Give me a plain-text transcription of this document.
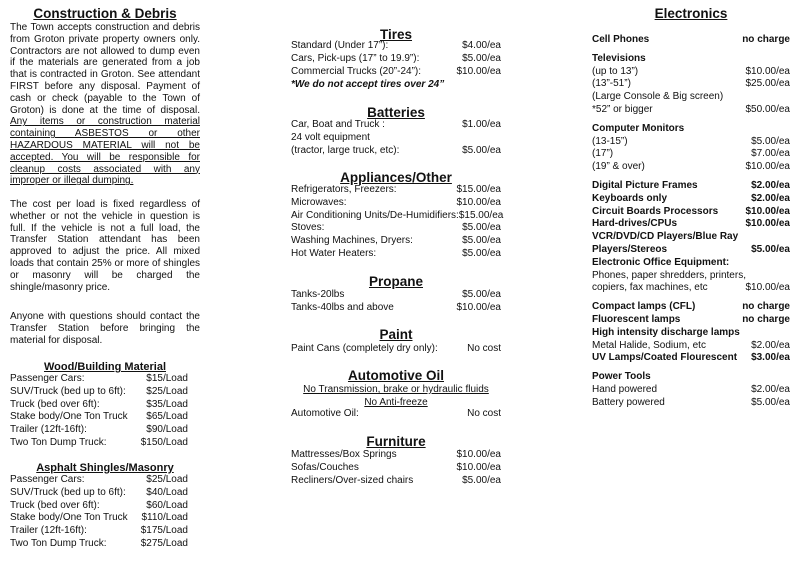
Construction & Debris
The Town accepts construction and debris from Groton private property owners only. Contractors are not allowed to dump even if the materials are generated from a job that is contracted in Groton. See attendant FIRST before any disposal. Payment of cash or check (payable to the Town of Groton) is done at the time of disposal. Any items or construction material containing ASBESTOS or other HAZARDOUS MATERIAL will not be accepted. You will be responsible for cleanup costs associated with any improper or illegal dumping.
The cost per load is fixed regardless of whether or not the vehicle in question is full. If the vehicle is not a full load, the Transfer Station attendant has been approved to adjust the price. All mixed loads that contain 25% or more of shingles or masonry will be charged the shingle/masonry price.
Anyone with questions should contact the Transfer Station before bringing the material for disposal.
Wood/Building Material
Passenger Cars:	$15/Load
SUV/Truck (bed up to 6ft): $25/Load
Truck (bed over 6ft):	$35/Load
Stake body/One Ton Truck $65/Load
Trailer (12ft-16ft):	$90/Load
Two Ton Dump Truck:	$150/Load
Asphalt Shingles/Masonry
Passenger Cars:	$25/Load
SUV/Truck (bed up to 6ft): $40/Load
Truck (bed over 6ft):	$60/Load
Stake body/One Ton Truck $110/Load
Trailer (12ft-16ft):	$175/Load
Two Ton Dump Truck:	$275/Load
Tires
Standard (Under 17”):	$4.00/ea
Cars, Pick-ups (17” to 19.9”):	$5.00/ea
Commercial Trucks (20”-24”):	$10.00/ea
*We do not accept tires over 24”
Batteries
Car, Boat and Truck :	$1.00/ea
24 volt equipment
(tractor, large truck, etc):	$5.00/ea
Appliances/Other
Refrigerators, Freezers:	$15.00/ea
Microwaves:	$10.00/ea
Air Conditioning Units/De-Humidifiers: $15.00/ea
Stoves:	$5.00/ea
Washing Machines, Dryers:	$5.00/ea
Hot Water Heaters:	$5.00/ea
Propane
Tanks-20lbs	$5.00/ea
Tanks-40lbs and above	$10.00/ea
Paint
Paint Cans (completely dry only):	No cost
Automotive Oil
No Transmission, brake or hydraulic fluids
No Anti-freeze
Automotive Oil:	No cost
Furniture
Mattresses/Box Springs	$10.00/ea
Sofas/Couches	$10.00/ea
Recliners/Over-sized chairs	$5.00/ea
Electronics
Cell Phones	no charge
Televisions
(up to 13”)	$10.00/ea
(13”-51”)	$25.00/ea
(Large Console & Big screen)
*52” or bigger	$50.00/ea
Computer Monitors
(13-15”)	$5.00/ea
(17”)	$7.00/ea
(19” & over)	$10.00/ea
Digital Picture Frames	$2.00/ea
Keyboards only	$2.00/ea
Circuit Boards Processors	$10.00/ea
Hard-drives/CPUs	$10.00/ea
VCR/DVD/CD Players/Blue Ray
Players/Stereos	$5.00/ea
Electronic Office Equipment:
Phones, paper shredders, printers,
copiers, fax machines, etc	$10.00/ea
Compact lamps (CFL)	no charge
Fluorescent lamps	no charge
High intensity discharge lamps
Metal Halide, Sodium, etc	$2.00/ea
UV Lamps/Coated Flourescent $3.00/ea
Power Tools
Hand powered	$2.00/ea
Battery powered	$5.00/ea
